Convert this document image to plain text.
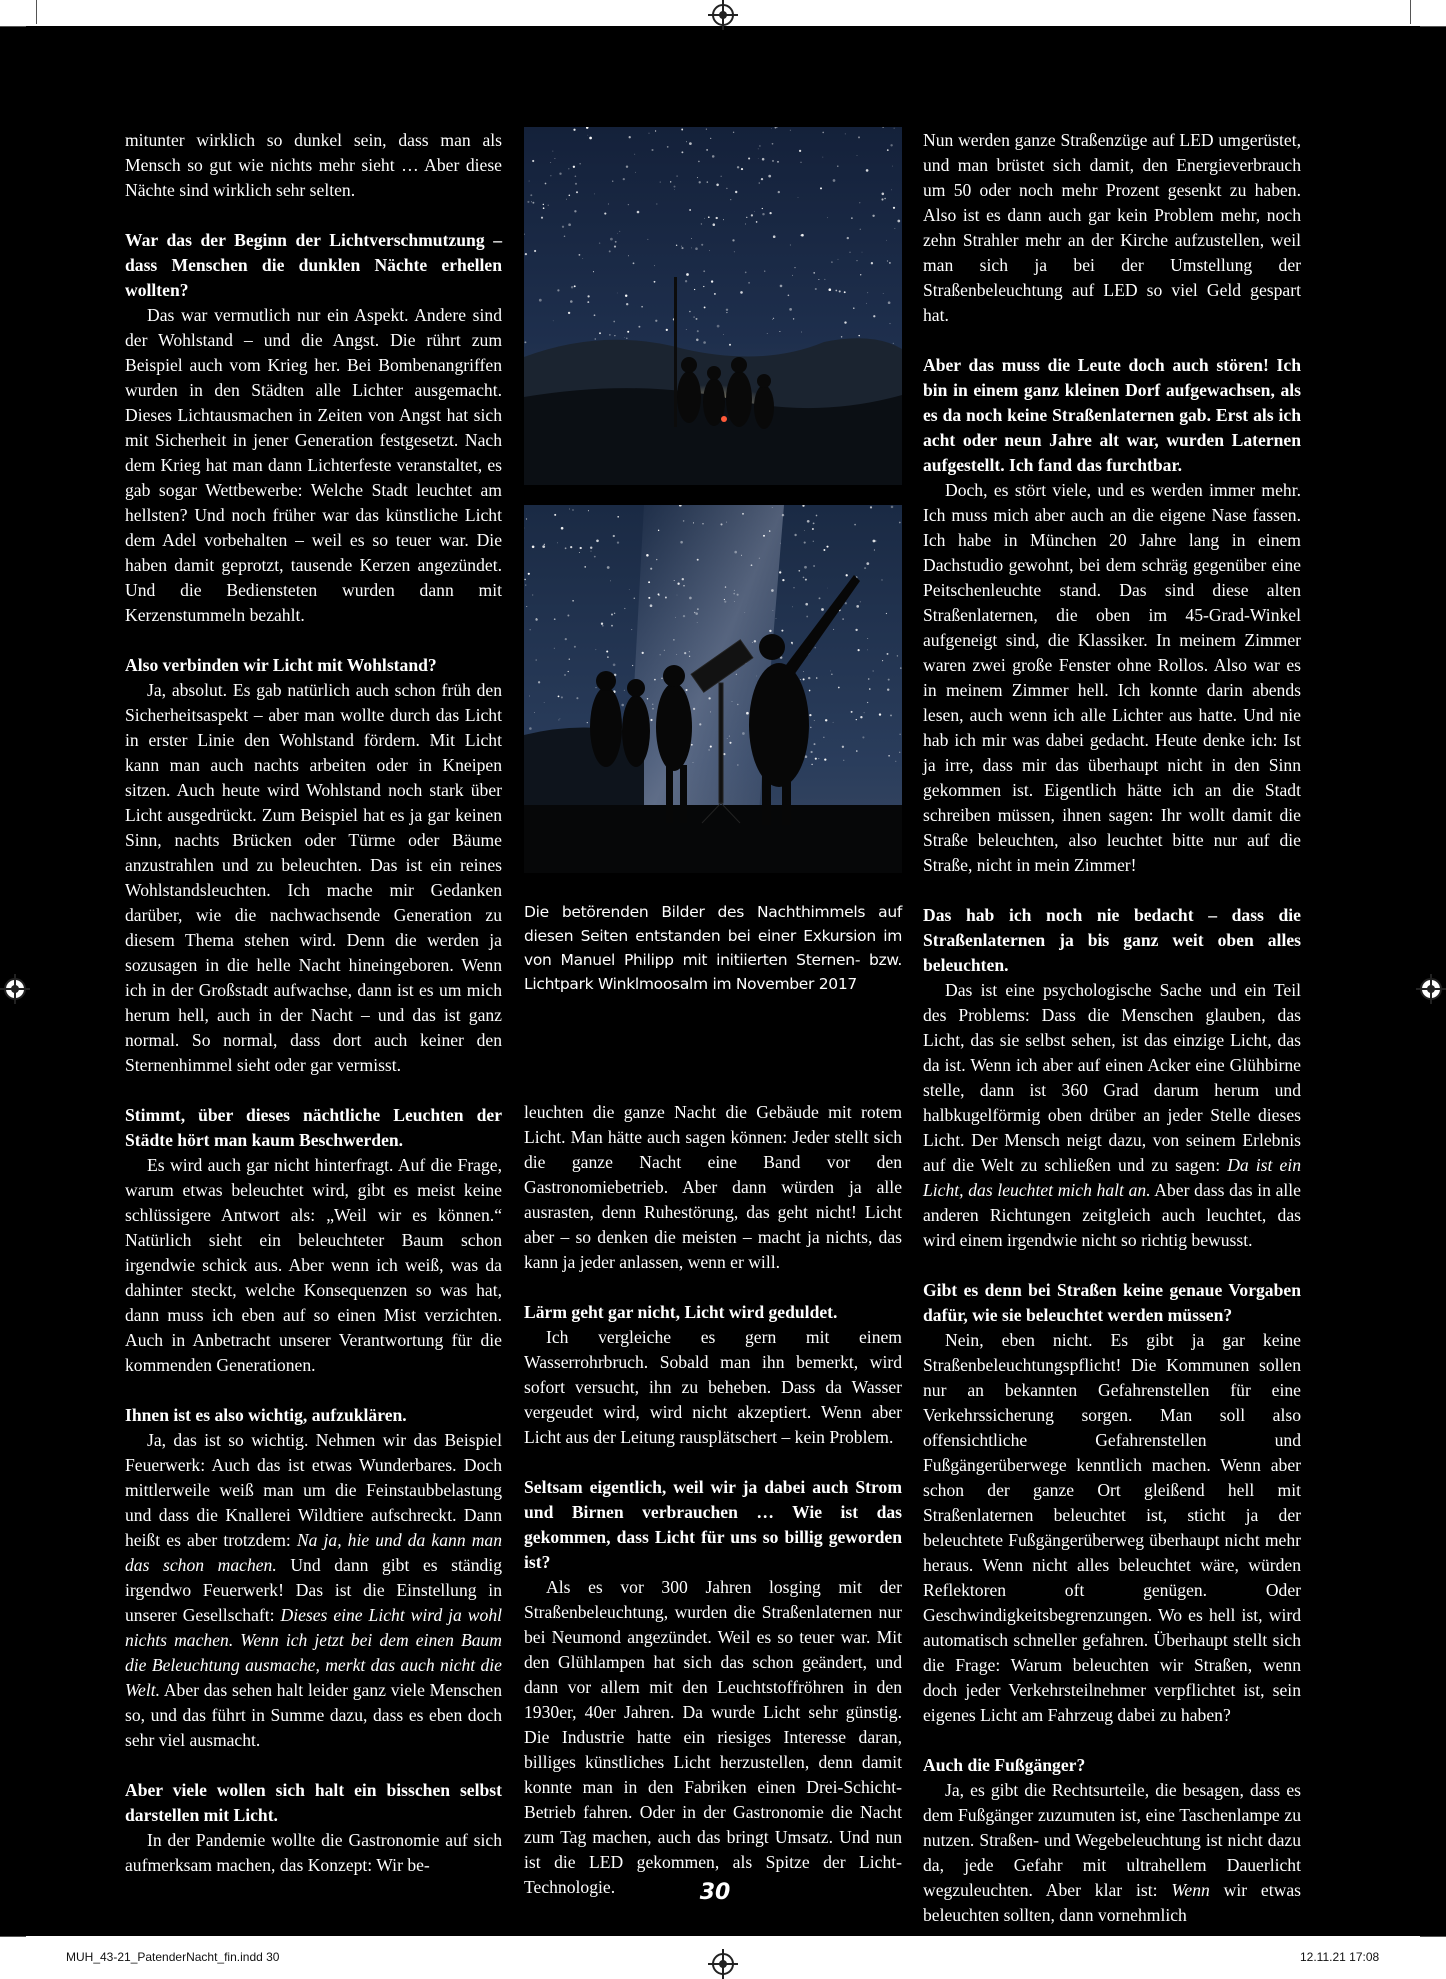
mitunter wirklich so dunkel sein, dass man als Mensch so gut wie nichts mehr sieht … Aber diese Nächte sind wirklich sehr selten.

War das der Beginn der Lichtverschmutzung – dass Menschen die dunklen Nächte erhellen wollten?

Das war vermutlich nur ein Aspekt. Andere sind der Wohlstand – und die Angst. Die rührt zum Beispiel auch vom Krieg her. Bei Bombenangriffen wurden in den Städten alle Lichter ausgemacht. Dieses Lichtausmachen in Zeiten von Angst hat sich mit Sicherheit in jener Generation festgesetzt. Nach dem Krieg hat man dann Lichterfeste veranstaltet, es gab sogar Wettbewerbe: Welche Stadt leuchtet am hellsten? Und noch früher war das künstliche Licht dem Adel vorbehalten – weil es so teuer war. Die haben damit geprotzt, tausende Kerzen angezündet. Und die Bediensteten wurden dann mit Kerzenstummeln bezahlt.

Also verbinden wir Licht mit Wohlstand?

Ja, absolut. Es gab natürlich auch schon früh den Sicherheitsaspekt – aber man wollte durch das Licht in erster Linie den Wohlstand fördern. Mit Licht kann man auch nachts arbeiten oder in Kneipen sitzen. Auch heute wird Wohlstand noch stark über Licht ausgedrückt. Zum Beispiel hat es ja gar keinen Sinn, nachts Brücken oder Türme oder Bäume anzustrahlen und zu beleuchten. Das ist ein reines Wohlstandsleuchten. Ich mache mir Gedanken darüber, wie die nachwachsende Generation zu diesem Thema stehen wird. Denn die werden ja sozusagen in die helle Nacht hineingeboren. Wenn ich in der Großstadt aufwachse, dann ist es um mich herum hell, auch in der Nacht – und das ist ganz normal. So normal, dass dort auch keiner den Sternenhimmel sieht oder gar vermisst.

Stimmt, über dieses nächtliche Leuchten der Städte hört man kaum Beschwerden.

Es wird auch gar nicht hinterfragt. Auf die Frage, warum etwas beleuchtet wird, gibt es meist keine schlüssigere Antwort als: „Weil wir es können.“ Natürlich sieht ein beleuchteter Baum schon irgendwie schick aus. Aber wenn ich weiß, was da dahinter steckt, welche Konsequenzen so was hat, dann muss ich eben auf so einen Mist verzichten. Auch in Anbetracht unserer Verantwortung für die kommenden Generationen.

Ihnen ist es also wichtig, aufzuklären.

Ja, das ist so wichtig. Nehmen wir das Beispiel Feuerwerk: Auch das ist etwas Wunderbares. Doch mittlerweile weiß man um die Feinstaubbelastung und dass die Knallerei Wildtiere aufschreckt. Dann heißt es aber trotzdem: Na ja, hie und da kann man das schon machen. Und dann gibt es ständig irgendwo Feuerwerk! Das ist die Einstellung in unserer Gesellschaft: Dieses eine Licht wird ja wohl nichts machen. Wenn ich jetzt bei dem einen Baum die Beleuchtung ausmache, merkt das auch nicht die Welt. Aber das sehen halt leider ganz viele Menschen so, und das führt in Summe dazu, dass es eben doch sehr viel ausmacht.

Aber viele wollen sich halt ein bisschen selbst darstellen mit Licht.

In der Pandemie wollte die Gastronomie auf sich aufmerksam machen, das Konzept: Wir be-

Die betörenden Bilder des Nachthimmels auf diesen Seiten entstanden bei einer Exkursion im von Manuel Philipp mit initiierten Sternen- bzw. Lichtpark Winklmoosalm im November 2017

leuchten die ganze Nacht die Gebäude mit rotem Licht. Man hätte auch sagen können: Jeder stellt sich die ganze Nacht eine Band vor den Gastronomiebetrieb. Aber dann würden ja alle ausrasten, denn Ruhestörung, das geht nicht! Licht aber – so denken die meisten – macht ja nichts, das kann ja jeder anlassen, wenn er will.

Lärm geht gar nicht, Licht wird geduldet.

Ich vergleiche es gern mit einem Wasserrohrbruch. Sobald man ihn bemerkt, wird sofort versucht, ihn zu beheben. Dass da Wasser vergeudet wird, wird nicht akzeptiert. Wenn aber Licht aus der Leitung rausplätschert – kein Problem.

Seltsam eigentlich, weil wir ja dabei auch Strom und Birnen verbrauchen … Wie ist das gekommen, dass Licht für uns so billig geworden ist?

Als es vor 300 Jahren losging mit der Straßenbeleuchtung, wurden die Straßenlaternen nur bei Neumond angezündet. Weil es so teuer war. Mit den Glühlampen hat sich das schon geändert, und dann vor allem mit den Leuchtstoffröhren in den 1930er, 40er Jahren. Da wurde Licht sehr günstig. Die Industrie hatte ein riesiges Interesse daran, billiges künstliches Licht herzustellen, denn damit konnte man in den Fabriken einen Drei-Schicht-Betrieb fahren. Oder in der Gastronomie die Nacht zum Tag machen, auch das bringt Umsatz. Und nun ist die LED gekommen, als Spitze der Licht-Technologie.

Nun werden ganze Straßenzüge auf LED umgerüstet, und man brüstet sich damit, den Energieverbrauch um 50 oder noch mehr Prozent gesenkt zu haben. Also ist es dann auch gar kein Problem mehr, noch zehn Strahler mehr an der Kirche aufzustellen, weil man sich ja bei der Umstellung der Straßenbeleuchtung auf LED so viel Geld gespart hat.

Aber das muss die Leute doch auch stören! Ich bin in einem ganz kleinen Dorf aufgewachsen, als es da noch keine Straßenlaternen gab. Erst als ich acht oder neun Jahre alt war, wurden Laternen aufgestellt. Ich fand das furchtbar.

Doch, es stört viele, und es werden immer mehr. Ich muss mich aber auch an die eigene Nase fassen. Ich habe in München 20 Jahre lang in einem Dachstudio gewohnt, bei dem schräg gegenüber eine Peitschenleuchte stand. Das sind diese alten Straßenlaternen, die oben im 45-Grad-Winkel aufgeneigt sind, die Klassiker. In meinem Zimmer waren zwei große Fenster ohne Rollos. Also war es in meinem Zimmer hell. Ich konnte darin abends lesen, auch wenn ich alle Lichter aus hatte. Und nie hab ich mir was dabei gedacht. Heute denke ich: Ist ja irre, dass mir das überhaupt nicht in den Sinn gekommen ist. Eigentlich hätte ich an die Stadt schreiben müssen, ihnen sagen: Ihr wollt damit die Straße beleuchten, also leuchtet bitte nur auf die Straße, nicht in mein Zimmer!

Das hab ich noch nie bedacht – dass die Straßenlaternen ja bis ganz weit oben alles beleuchten.

Das ist eine psychologische Sache und ein Teil des Problems: Dass die Menschen glauben, das Licht, das sie selbst sehen, ist das einzige Licht, das da ist. Wenn ich aber auf einen Acker eine Glühbirne stelle, dann ist 360 Grad darum herum und halbkugelförmig oben drüber an jeder Stelle dieses Licht. Der Mensch neigt dazu, von seinem Erlebnis auf die Welt zu schließen und zu sagen: Da ist ein Licht, das leuchtet mich halt an. Aber dass das in alle anderen Richtungen zeitgleich auch leuchtet, das wird einem irgendwie nicht so richtig bewusst.

Gibt es denn bei Straßen keine genaue Vorgaben dafür, wie sie beleuchtet werden müssen?

Nein, eben nicht. Es gibt ja gar keine Straßenbeleuchtungspflicht! Die Kommunen sollen nur an bekannten Gefahrenstellen für eine Verkehrssicherung sorgen. Man soll also offensichtliche Gefahrenstellen und Fußgängerüberwege kenntlich machen. Wenn aber schon der ganze Ort gleißend hell mit Straßenlaternen beleuchtet ist, sticht ja der beleuchtete Fußgängerüberweg überhaupt nicht mehr heraus. Wenn nicht alles beleuchtet wäre, würden Reflektoren oft genügen. Oder Geschwindigkeitsbegrenzungen. Wo es hell ist, wird automatisch schneller gefahren. Überhaupt stellt sich die Frage: Warum beleuchten wir Straßen, wenn doch jeder Verkehrsteilnehmer verpflichtet ist, sein eigenes Licht am Fahrzeug dabei zu haben?

Auch die Fußgänger?

Ja, es gibt die Rechtsurteile, die besagen, dass es dem Fußgänger zuzumuten ist, eine Taschenlampe zu nutzen. Straßen- und Wegebeleuchtung ist nicht dazu da, jede Gefahr mit ultrahellem Dauerlicht wegzuleuchten. Aber klar ist: Wenn wir etwas beleuchten sollten, dann vornehmlich

30
MUH_43-21_PatenderNacht_fin.indd 30	12.11.21 17:08
